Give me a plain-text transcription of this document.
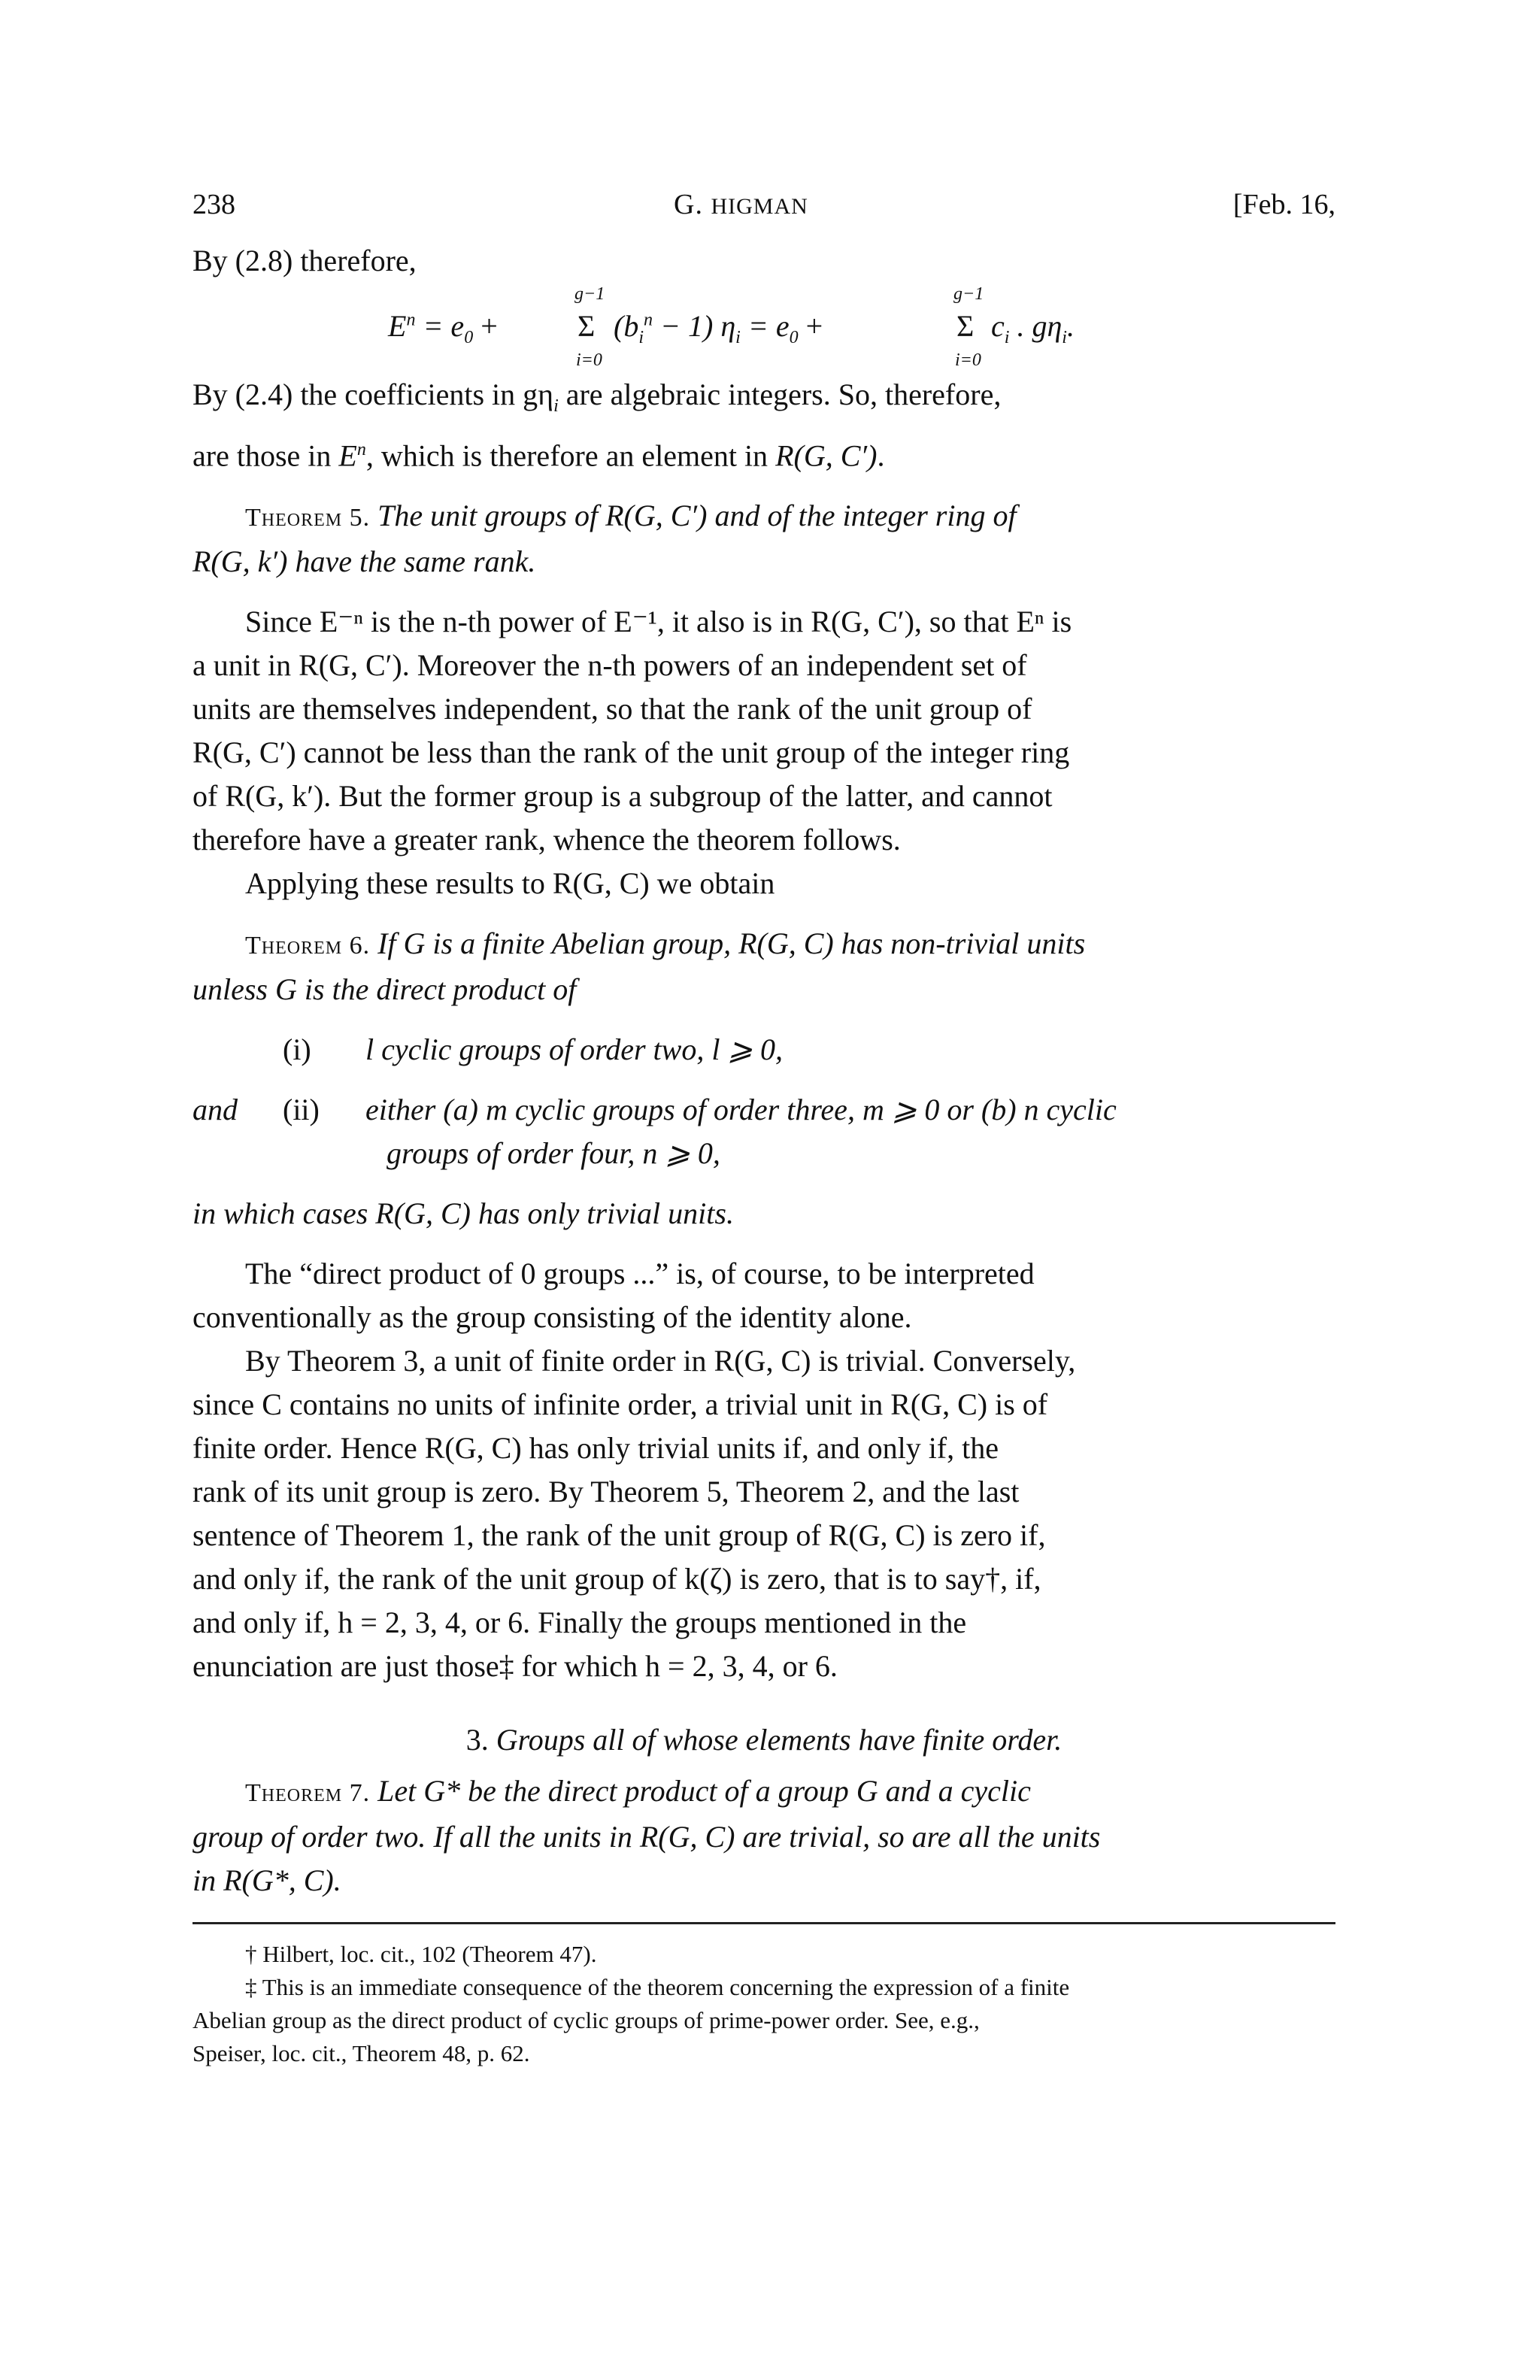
238	G. HIGMAN	[Feb. 16,
By (2.8) therefore,
$E^n = e_0$ +
g−1
Σ
i=0
$(b_i^n - 1) \eta_i = e_0$ +
g−1
Σ
i=0
$c_i$ . $g\eta_i$.
By (2.4) the coefficients in $g\eta_i$ are algebraic integers. So, therefore,
are those in $E^n$, which is therefore an element in R(G, C′).
Theorem 5. The unit groups of R(G, C′) and of the integer ring of
R(G, k′) have the same rank.
Since E⁻ⁿ is the n-th power of E⁻¹, it also is in R(G, C′), so that Eⁿ is
a unit in R(G, C′). Moreover the n-th powers of an independent set of
units are themselves independent, so that the rank of the unit group of
R(G, C′) cannot be less than the rank of the unit group of the integer ring
of R(G, k′). But the former group is a subgroup of the latter, and cannot
therefore have a greater rank, whence the theorem follows.
Applying these results to R(G, C) we obtain
Theorem 6. If G is a finite Abelian group, R(G, C) has non-trivial units
unless G is the direct product of
(i) l cyclic groups of order two, l ⩾ 0,
and (ii) either (a) m cyclic groups of order three, m ⩾ 0 or (b) n cyclic
groups of order four, n ⩾ 0,
in which cases R(G, C) has only trivial units.
The “direct product of 0 groups ...” is, of course, to be interpreted
conventionally as the group consisting of the identity alone.
By Theorem 3, a unit of finite order in R(G, C) is trivial. Conversely,
since C contains no units of infinite order, a trivial unit in R(G, C) is of
finite order. Hence R(G, C) has only trivial units if, and only if, the
rank of its unit group is zero. By Theorem 5, Theorem 2, and the last
sentence of Theorem 1, the rank of the unit group of R(G, C) is zero if,
and only if, the rank of the unit group of k(ζ) is zero, that is to say†, if,
and only if, h = 2, 3, 4, or 6. Finally the groups mentioned in the
enunciation are just those‡ for which h = 2, 3, 4, or 6.
3. Groups all of whose elements have finite order.
Theorem 7. Let G* be the direct product of a group G and a cyclic
group of order two. If all the units in R(G, C) are trivial, so are all the units
in R(G*, C).
† Hilbert, loc. cit., 102 (Theorem 47).
‡ This is an immediate consequence of the theorem concerning the expression of a finite
Abelian group as the direct product of cyclic groups of prime-power order. See, e.g.,
Speiser, loc. cit., Theorem 48, p. 62.
